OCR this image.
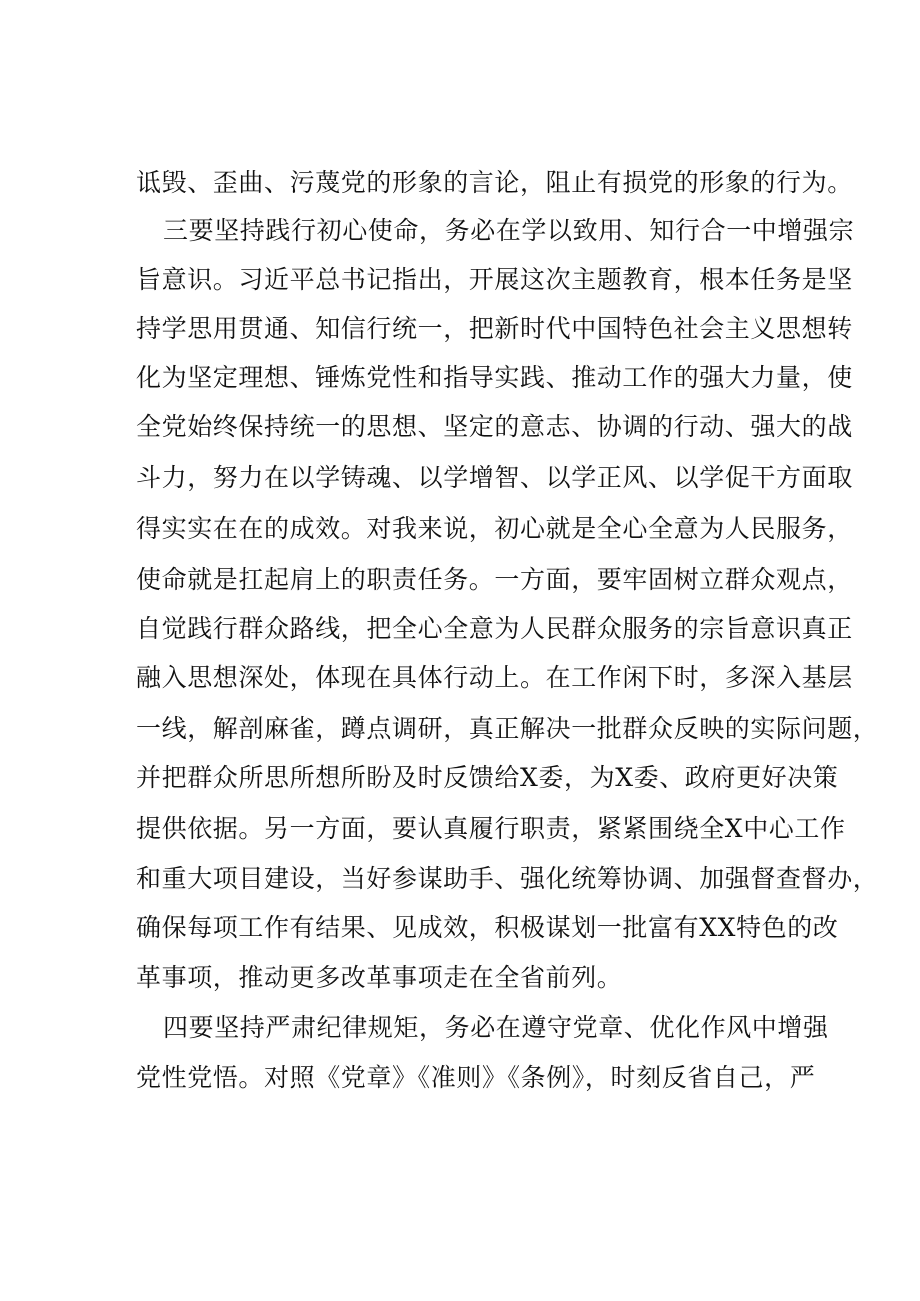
诋毁、歪曲、污蔑党的形象的言论，阻止有损党的形象的行为。

三要坚持践行初心使命，务必在学以致用、知行合一中增强宗

旨意识。习近平总书记指出，开展这次主题教育，根本任务是坚

持学思用贯通、知信行统一，把新时代中国特色社会主义思想转

化为坚定理想、锤炼党性和指导实践、推动工作的强大力量，使

全党始终保持统一的思想、坚定的意志、协调的行动、强大的战

斗力，努力在以学铸魂、以学增智、以学正风、以学促干方面取

得实实在在的成效。对我来说，初心就是全心全意为人民服务，

使命就是扛起肩上的职责任务。一方面，要牢固树立群众观点，

自觉践行群众路线，把全心全意为人民群众服务的宗旨意识真正

融入思想深处，体现在具体行动上。在工作闲下时，多深入基层

一线，解剖麻雀，蹲点调研，真正解决一批群众反映的实际问题，

并把群众所思所想所盼及时反馈给X委，为X委、政府更好决策

提供依据。另一方面，要认真履行职责，紧紧围绕全X中心工作

和重大项目建设，当好参谋助手、强化统筹协调、加强督查督办，

确保每项工作有结果、见成效，积极谋划一批富有XX特色的改

革事项，推动更多改革事项走在全省前列。

四要坚持严肃纪律规矩，务必在遵守党章、优化作风中增强

党性党悟。对照《党章》《准则》《条例》，时刻反省自己，严
